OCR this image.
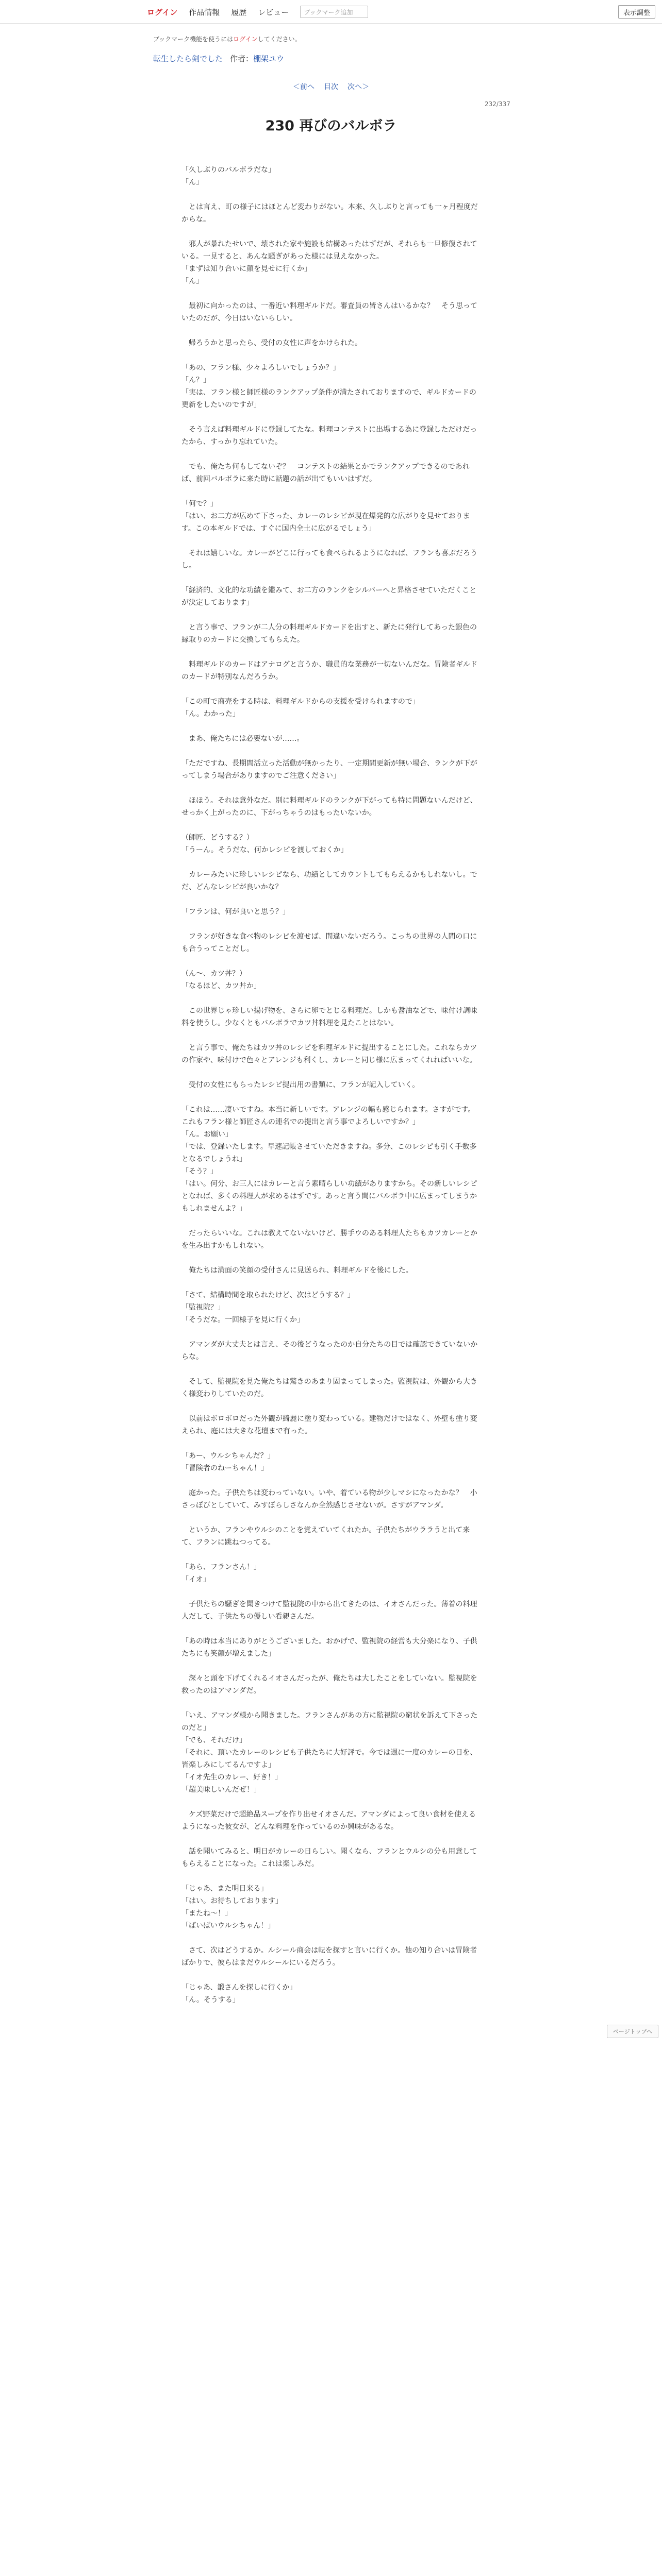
ログイン 作品情報 履歴 レビュー	ブックマーク追加	表示調整
ブックマーク機能を使うにはログインしてください。
転生したら剣でした 作者：棚架ユウ
＜前へ 目次 次へ＞
232/337
230 再びのバルボラ

「久しぶりのバルボラだな」
「ん」

　とは言え、町の様子にはほとんど変わりがない。本来、久しぶりと言っても一ヶ月程度だからな。

　邪人が暴れたせいで、壊された家や施設も結構あったはずだが、それらも一旦修復されている。一見すると、あんな騒ぎがあった様には見えなかった。
「まずは知り合いに顔を見せに行くか」
「ん」

　最初に向かったのは、一番近い料理ギルドだ。審査員の皆さんはいるかな？　そう思っていたのだが、今日はいないらしい。

　帰ろうかと思ったら、受付の女性に声をかけられた。

「あの、フラン様、少々よろしいでしょうか？」
「ん？」
「実は、フラン様と師匠様のランクアップ条件が満たされておりますので、ギルドカードの更新をしたいのですが」

　そう言えば料理ギルドに登録してたな。料理コンテストに出場する為に登録しただけだったから、すっかり忘れていた。

　でも、俺たち何もしてないぞ？　コンテストの結果とかでランクアップできるのであれば、前回バルボラに来た時に話題の話が出てもいいはずだ。

「何で？」
「はい、お二方が広めて下さった、カレーのレシピが現在爆発的な広がりを見せております。この本ギルドでは、すぐに国内全土に広がるでしょう」

　それは嬉しいな。カレーがどこに行っても食べられるようになれば、フランも喜ぶだろうし。

「経済的、文化的な功績を鑑みて、お二方のランクをシルバーへと昇格させていただくことが決定しております」

　と言う事で、フランが二人分の料理ギルドカードを出すと、新たに発行してあった銀色の縁取りのカードに交換してもらえた。

　料理ギルドのカードはアナログと言うか、職員的な業務が一切ないんだな。冒険者ギルドのカードが特別なんだろうか。

「この町で商売をする時は、料理ギルドからの支援を受けられますので」
「ん。わかった」

　まあ、俺たちには必要ないが……。

「ただですね、長期間活立った活動が無かったり、一定期間更新が無い場合、ランクが下がってしまう場合がありますのでご注意ください」

　ほほう。それは意外なだ。別に料理ギルドのランクが下がっても特に問題ないんだけど、せっかく上がったのに、下がっちゃうのはもったいないか。

（師匠、どうする？）
「うーん。そうだな、何かレシピを渡しておくか」

　カレーみたいに珍しいレシピなら、功績としてカウントしてもらえるかもしれないし。でだ、どんなレシピが良いかな？

「フランは、何が良いと思う？」

　フランが好きな食べ物のレシピを渡せば、間違いないだろう。こっちの世界の人間の口にも合うってことだし。

（ん〜、カツ丼？）
「なるほど、カツ丼か」

　この世界じゃ珍しい揚げ物を、さらに卵でとじる料理だ。しかも醤油などで、味付け調味料を使うし。少なくともバルボラでカツ丼料理を見たことはない。

　と言う事で、俺たちはカツ丼のレシピを料理ギルドに提出することにした。これならカツの作家や、味付けで色々とアレンジも利くし、カレーと同じ様に広まってくれればいいな。

　受付の女性にもらったレシピ提出用の書類に、フランが記入していく。

「これは……凄いですね。本当に新しいです。アレンジの幅も感じられます。さすがです。これもフラン様と師匠さんの連名での提出と言う事でよろしいですか？」
「ん。お願い」
「では、登録いたします。早速記帳させていただきますね。多分、このレシピも引く手数多となるでしょうね」
「そう？」
「はい。何分、お三人にはカレーと言う素晴らしい功績がありますから。その新しいレシピとなれば、多くの料理人が求めるはずです。あっと言う間にバルボラ中に広まってしまうかもしれませんよ？」

　だったらいいな。これは教えてないないけど、勝手ウのある料理人たちもカツカレーとかを生み出すかもしれない。

　俺たちは満面の笑顔の受付さんに見送られ、料理ギルドを後にした。

「さて、結構時間を取られたけど、次はどうする？」
「監視院？」
「そうだな。一回様子を見に行くか」

　アマンダが大丈夫とは言え、その後どうなったのか自分たちの目では確認できていないからな。

　そして、監視院を見た俺たちは驚きのあまり固まってしまった。監視院は、外観から大きく様変わりしていたのだ。

　以前はボロボロだった外観が綺麗に塗り変わっている。建物だけではなく、外壁も塗り変えられ、庭には大きな花壇まで有った。

「あー、ウルシちゃんだ？」
「冒険者のねーちゃん！」

　庭かった。子供たちは変わっていない。いや、着ている物が少しマシになったかな？　小さっぽびとしていて、みすぼらしさなんか全然感じさせないが。さすがアマンダ。

　というか、フランやウルシのことを覚えていてくれたか。子供たちがウララうと出て来て、フランに跳ねつってる。

「あら、フランさん！」
「イオ」

　子供たちの騒ぎを聞きつけて監視院の中から出てきたのは、イオさんだった。薄着の料理人だして、子供たちの優しい看親さんだ。

「あの時は本当にありがとうございました。おかげで、監視院の経営も大分楽になり、子供たちにも笑顔が増えました」

　深々と頭を下げてくれるイオさんだったが、俺たちは大したことをしていない。監視院を救ったのはアマンダだ。

「いえ、アマンダ様から聞きました。フランさんがあの方に監視院の窮状を訴えて下さったのだと」
「でも、それだけ」
「それに、頂いたカレーのレシピも子供たちに大好評で。今では週に一度のカレーの日を、皆楽しみにしてるんですよ」
「イオ先生のカレー、好き！」
「超美味しいんだぜ！」

　ケズ野菜だけで超絶品スープを作り出せイオさんだ。アマンダによって良い食材を使えるようになった彼女が、どんな料理を作っているのか興味があるな。

　話を聞いてみると、明日がカレーの日らしい。聞くなら、フランとウルシの分も用意してもらえることになった。これは楽しみだ。

「じゃあ、また明日来る」
「はい。お待ちしております」
「またね〜！」
「ばいばいウルシちゃん！」

　さて、次はどうするか。ルシール商会は転を探すと言いに行くか。他の知り合いは冒険者ばかりで、彼らはまだウルシールにいるだろう。

「じゃあ、鍛さんを探しに行くか」
「ん。そうする」

ページトップへ
